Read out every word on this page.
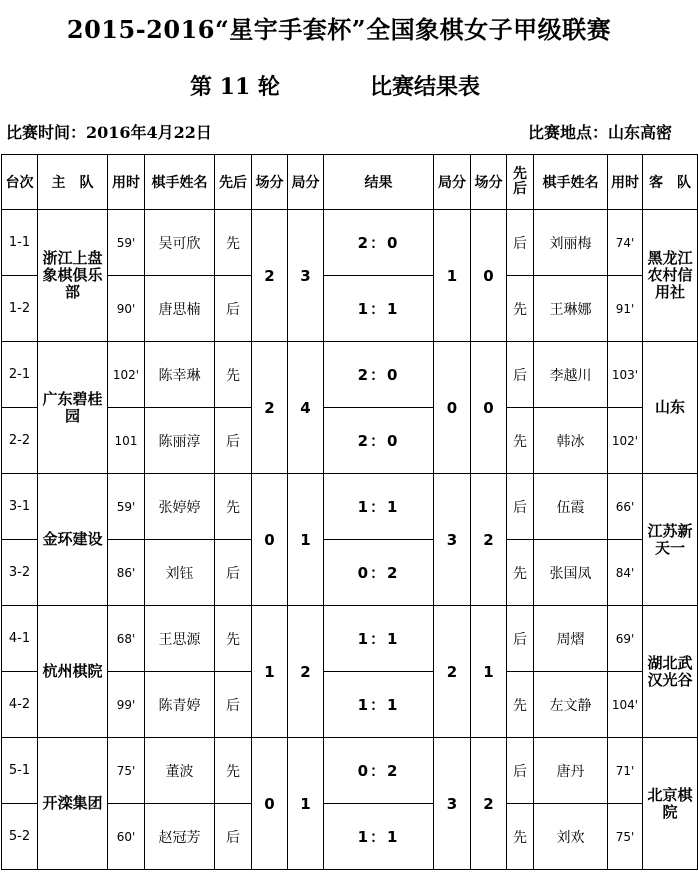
2015-2016“星宇手套杯”全国象棋女子甲级联赛
第 11 轮	比赛结果表
比赛时间：2016年4月22日	比赛地点：山东高密
台次	主　队	用时	棋手姓名	先后	场分	局分	结果	局分	场分	先后	棋手姓名	用时	客　队
1-1	浙江上盘象棋俱乐部	59'	吴可欣	先	2	3	2：0	1	0	后	刘丽梅	74'	黑龙江农村信用社
1-2		90'	唐思楠	后			1：1			先	王琳娜	91'	
2-1	广东碧桂园	102'	陈幸琳	先	2	4	2：0	0	0	后	李越川	103'	山东
2-2		101	陈丽淳	后			2：0			先	韩冰	102'	
3-1	金环建设	59'	张婷婷	先	0	1	1：1	3	2	后	伍霞	66'	江苏新天一
3-2		86'	刘钰	后			0：2			先	张国凤	84'	
4-1	杭州棋院	68'	王思源	先	1	2	1：1	2	1	后	周熠	69'	湖北武汉光谷
4-2		99'	陈青婷	后			1：1			先	左文静	104'	
5-1	开滦集团	75'	董波	先	0	1	0：2	3	2	后	唐丹	71'	北京棋院
5-2		60'	赵冠芳	后			1：1			先	刘欢	75'	
